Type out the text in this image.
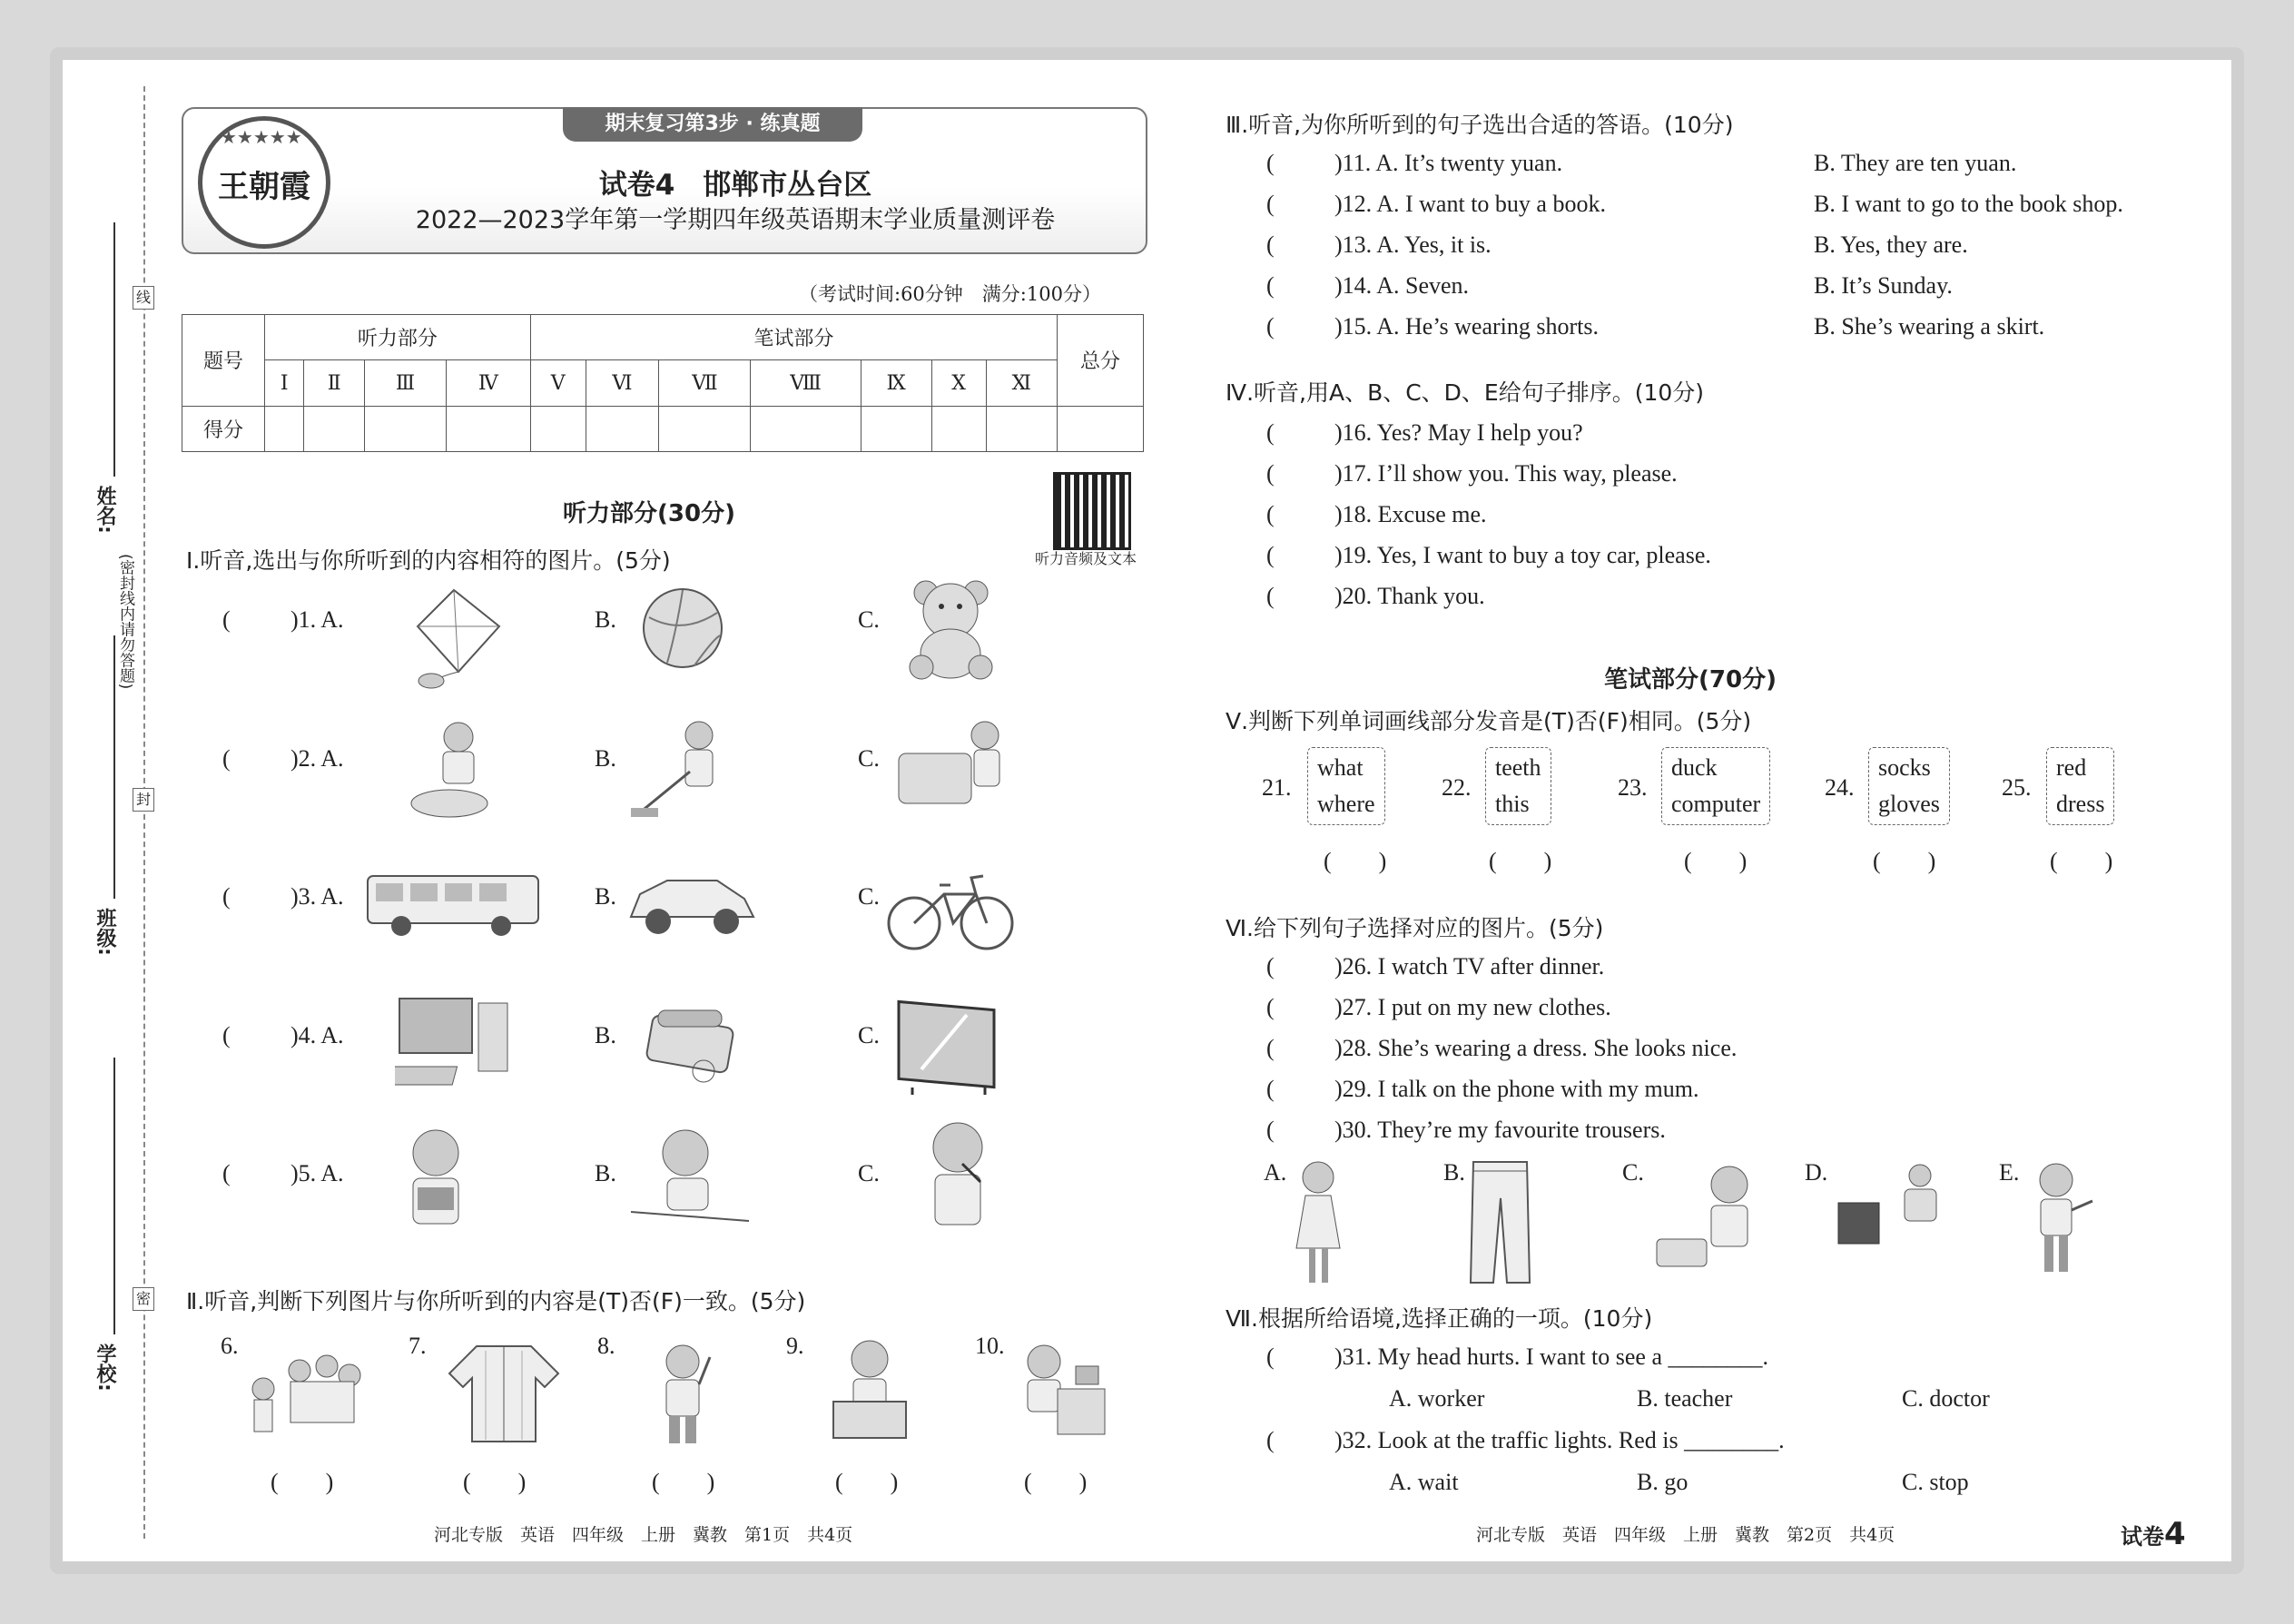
线
封
密
姓名:
班级:
学校:
(密封线内请勿答题)
期末复习第3步 · 练真题
★★★★★
王朝霞	试卷4　邯郸市丛台区
2022—2023学年第一学期四年级英语期末学业质量测评卷
（考试时间:60分钟　满分:100分）
题号	听力部分				笔试部分							总分
	Ⅰ	Ⅱ	Ⅲ	Ⅳ	Ⅴ	Ⅵ	Ⅶ	Ⅷ	Ⅸ	Ⅹ	Ⅺ	
得分												
听力音频及文本
听力部分(30分)
Ⅰ.听音,选出与你所听到的内容相符的图片。(5分)
(	)1. A.	B.	C.
(	)2. A.	B.	C.
(	)3. A.	B.	C.
(	)4. A.	B.	C.
(	)5. A.	B.	C.
Ⅱ.听音,判断下列图片与你所听到的内容是(T)否(F)一致。(5分)
6.
(　　)
7.
(　　)
8.
(　　)
9.
(　　)
10.
(　　)
Ⅲ.听音,为你所听到的句子选出合适的答语。(10分)
(	)11. A. It’s twenty yuan.	B. They are ten yuan.
(	)12. A. I want to buy a book.	B. I want to go to the book shop.
(	)13. A. Yes, it is.	B. Yes, they are.
(	)14. A. Seven.	B. It’s Sunday.
(	)15. A. He’s wearing shorts.	B. She’s wearing a skirt.
Ⅳ.听音,用A、B、C、D、E给句子排序。(10分)
(	)16. Yes? May I help you?
(	)17. I’ll show you. This way, please.
(	)18. Excuse me.
(	)19. Yes, I want to buy a toy car, please.
(	)20. Thank you.
笔试部分(70分)
Ⅴ.判断下列单词画线部分发音是(T)否(F)相同。(5分)
21.
what
where
(　　)
22.
teeth
this
(　　)
23.
duck
computer
(　　)
24.
socks
gloves
(　　)
25.
red
dress
(　　)
Ⅵ.给下列句子选择对应的图片。(5分)
(	)26. I watch TV after dinner.
(	)27. I put on my new clothes.
(	)28. She’s wearing a dress. She looks nice.
(	)29. I talk on the phone with my mum.
(	)30. They’re my favourite trousers.
A.	B.	C.	D.	E.
Ⅶ.根据所给语境,选择正确的一项。(10分)
(	)31. My head hurts. I want to see a ________.
A. worker	B. teacher	C. doctor
(	)32. Look at the traffic lights. Red is ________.
A. wait	B. go	C. stop
河北专版　英语　四年级　上册　冀教　第1页　共4页	河北专版　英语　四年级　上册　冀教　第2页　共4页	试卷4
